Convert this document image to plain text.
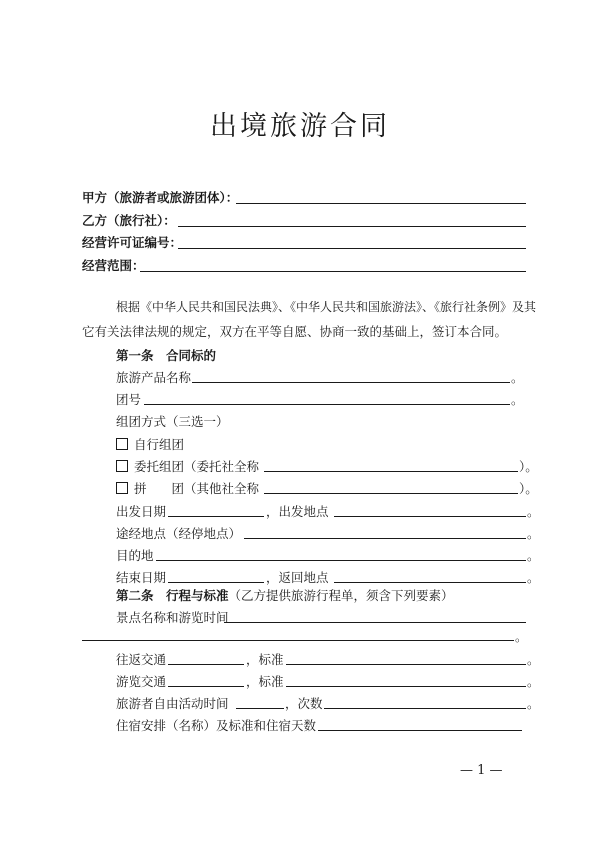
出境旅游合同
甲方（旅游者或旅游团体）：
乙方（旅行社）：
经营许可证编号：
经营范围：
根据《中华人民共和国民法典》、《中华人民共和国旅游法》、《旅行社条例》及其
它有关法律法规的规定，双方在平等自愿、协商一致的基础上，签订本合同。
第一条　合同标的
旅游产品名称	。
团号	。
组团方式（三选一）
自行组团
委托组团（委托社全称	）。
拼　　团（其他社全称	）。
出发日期	，出发地点	。
途经地点（经停地点）	。
目的地	。
结束日期	，返回地点	。
第二条　行程与标准（乙方提供旅游行程单，须含下列要素）
景点名称和游览时间
。
往返交通	，标准	。
游览交通	，标准	。
旅游者自由活动时间	，次数	。
住宿安排（名称）及标准和住宿天数
— 1 —
